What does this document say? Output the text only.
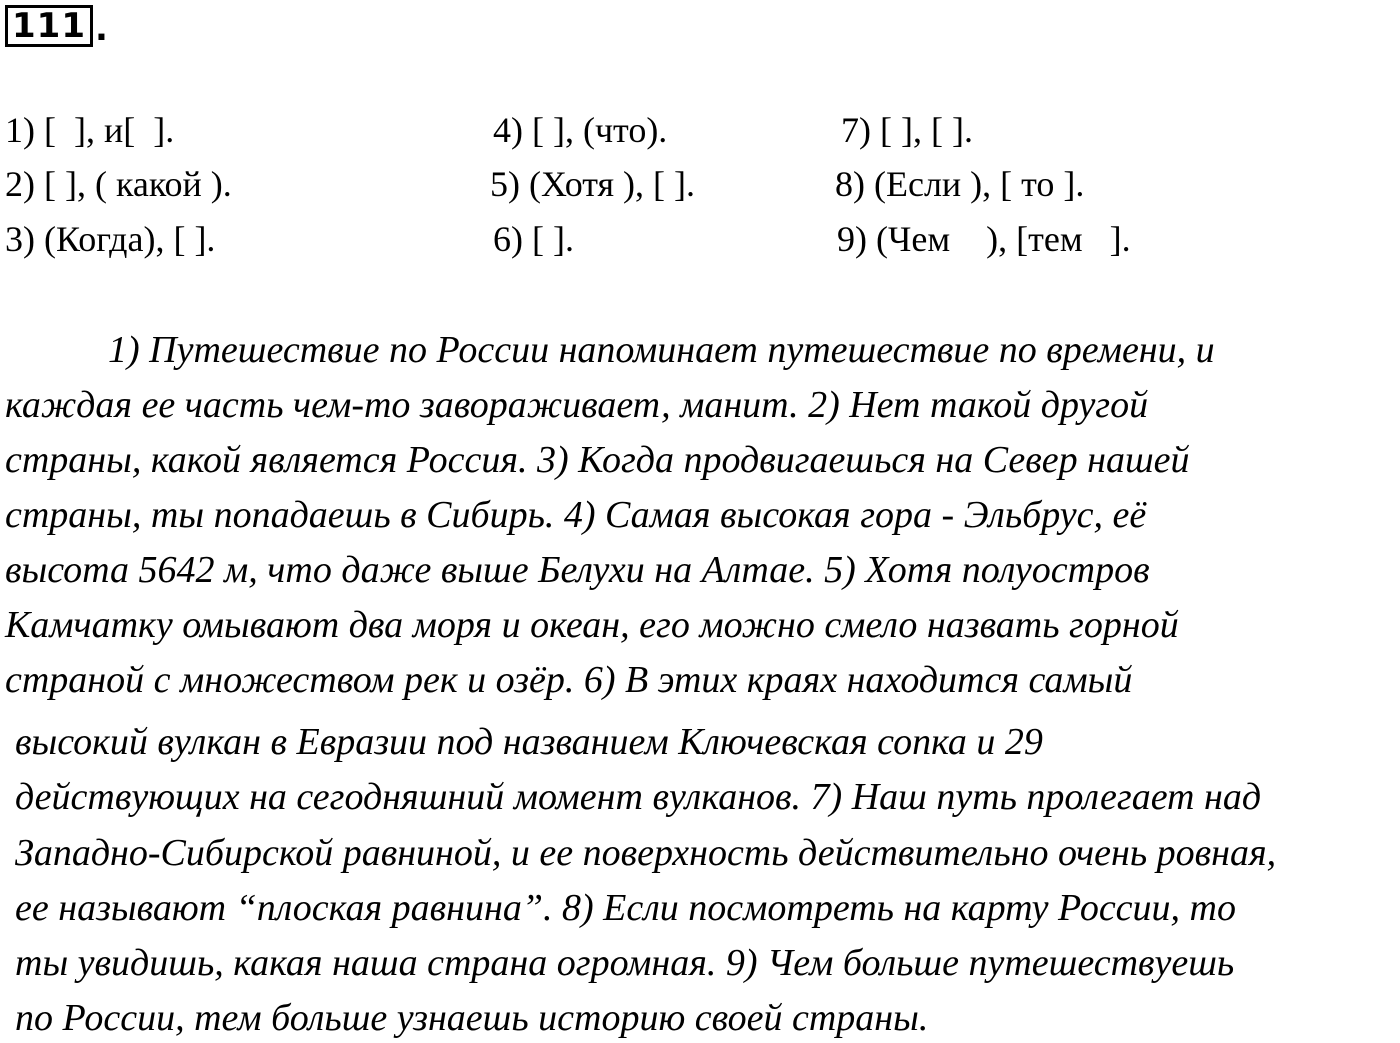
111 .
1) [  ], и[  ].
2) [ ], ( какой ).
3) (Когда), [ ].
4) [ ], (что).
5) (Хотя ), [ ].
6) [ ].
7) [ ], [ ].
8) (Если ), [ то ].
9) (Чем    ), [тем   ].
1) Путешествие по России напоминает путешествие по времени, и
каждая ее часть чем-то завораживает, манит. 2) Нет такой другой
страны, какой является Россия. 3) Когда продвигаешься на Север нашей
страны, ты попадаешь в Сибирь. 4) Самая высокая гора - Эльбрус, её
высота 5642 м, что даже выше Белухи на Алтае. 5) Хотя полуостров
Камчатку омывают два моря и океан, его можно смело назвать горной
страной с множеством рек и озёр. 6) В этих краях находится самый
высокий вулкан в Евразии под названием Ключевская сопка и 29
действующих на сегодняшний момент вулканов. 7) Наш путь пролегает над
Западно-Сибирской равниной, и ее поверхность действительно очень ровная,
ее называют “плоская равнина”. 8) Если посмотреть на карту России, то
ты увидишь, какая наша страна огромная. 9) Чем больше путешествуешь
по России, тем больше узнаешь историю своей страны.
